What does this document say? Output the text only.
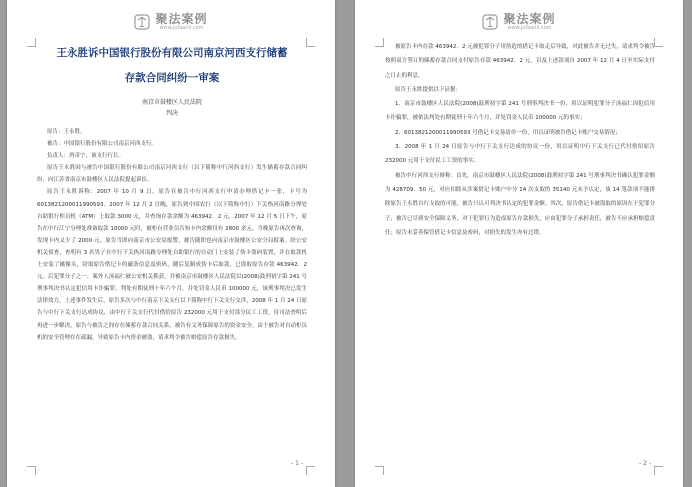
聚法案例
www.jufaanli.com

王永胜诉中国银行股份有限公司南京河西支行储蓄

存款合同纠纷一审案

南京市鼓楼区人民法院
判决

原告：王永胜。

被告：中国银行股份有限公司南京河西支行。

负责人：唐奇宁，该支行行长。

原告王永胜因与被告中国银行股份有限公司南京河西支行（以下简称中行河西支行）发生储蓄存款合同纠纷，向江苏省南京市鼓楼区人民法院提起诉讼。

原告王永胜诉称：2007 年 10 月 9 日，原告在被告中行河西支行申请办理借记卡一张，卡号为 6013821200011990593。2007 年 12 月 2 日晚，原告到中国农行（以下简称中行）下关热河南路分理处自助银行柜员机（ATM）上取款 3000 元，并查询存款余额为 463942．2 元。2007 年 12 月 5 日下午，原告在中行江宁分理处准备取款 10000 元时，被柜台营业员告知卡内余额仅有 2800 余元。当晚原告再次查询，发现卡内又少了 2000 元。原告当即向南京市公安局报警，被告随即也向南京市鼓楼区公安分局报案。经公安机关侦查，查明有 3 名男子在中行下关热河南路分理处自助银行的自动门上安装了伪卡盗码装置，并在取款机上安装了摄像头，窃取原告借记卡的磁条信息及密码，随后复制成伪卡后取款，已盗取原告存款 463942．2 元。后犯罪分子之一、案外人汤福仁被公安机关抓获，并被南京市鼓楼区人民法院以(2008)鼓刑初字第 241 号刑事判决书认定犯信用卡诈骗罪，判处有期徒刑十年六个月，并处罚金人民币 100000 元，该刑事判决已发生法律效力。上述事件发生后，原告多次与中行南京下关支行以下简称中行下关支行交涉，2008 年 1 月 24 日原告与中行下关支行达成协议，由中行下关支行代付借给原告 232000 元用于支付部分民工工资，待司法查明后再进一步解决。原告与被告之间存在储蓄存款合同关系，被告有义务保障原告的资金安全。由于被告对自动柜员机的安全管理存在疏漏，导致原告卡内资金被盗，请求判令被告赔偿原告存款损失。

- 1 -
聚法案例
www.jufaanli.com

被原告卡内存款 463942．2 元被犯罪分子用伪造的借记卡取走后导致，对此被告并无过失。请求判令被告按照双方签订的储蓄存款合同支付原告存款 463942．2 元，以及上述款项自 2007 年 12 月 4 日至实际支付之日止的利息。

原告王永胜提供以下证据：

1．南京市鼓楼区人民法院(2008)鼓刑初字第 241 号刑事判决书一份，用以证明犯罪分子汤福仁因犯信用卡诈骗罪，被依法判处有期徒刑十年六个月，并处罚金人民币 100000 元的事实；

2．6013821200011990593 号借记卡交易清单一份，用以证明被告借记卡账户交易情况；

3．2008 年 1 月 24 日原告与中行下关支行达成的协议一份，用以证明中行下关支行已代付借给原告 232000 元用于支付民工工资的事实。

被告中行河西支行辩称：首先，南京市鼓楼区人民法院(2008)鼓刑初字第 241 号刑事判决书确认犯罪金额为 428709．50 元，对应扣除从涉案借记卡账户中分 14 次支取的 35140 元未予认定，该 14 笔款项不能排除原告王永胜自行支取的可能，被告只认可判决书认定的犯罪金额。其次，原告借记卡被盗取的原因在于犯罪分子，被告已尽到安全保障义务，对于犯罪行为造成原告存款损失，应由犯罪分子承担责任，被告不应承担赔偿责任；原告未妥善保管借记卡信息及密码，对损失的发生亦有过错。

- 2 -
